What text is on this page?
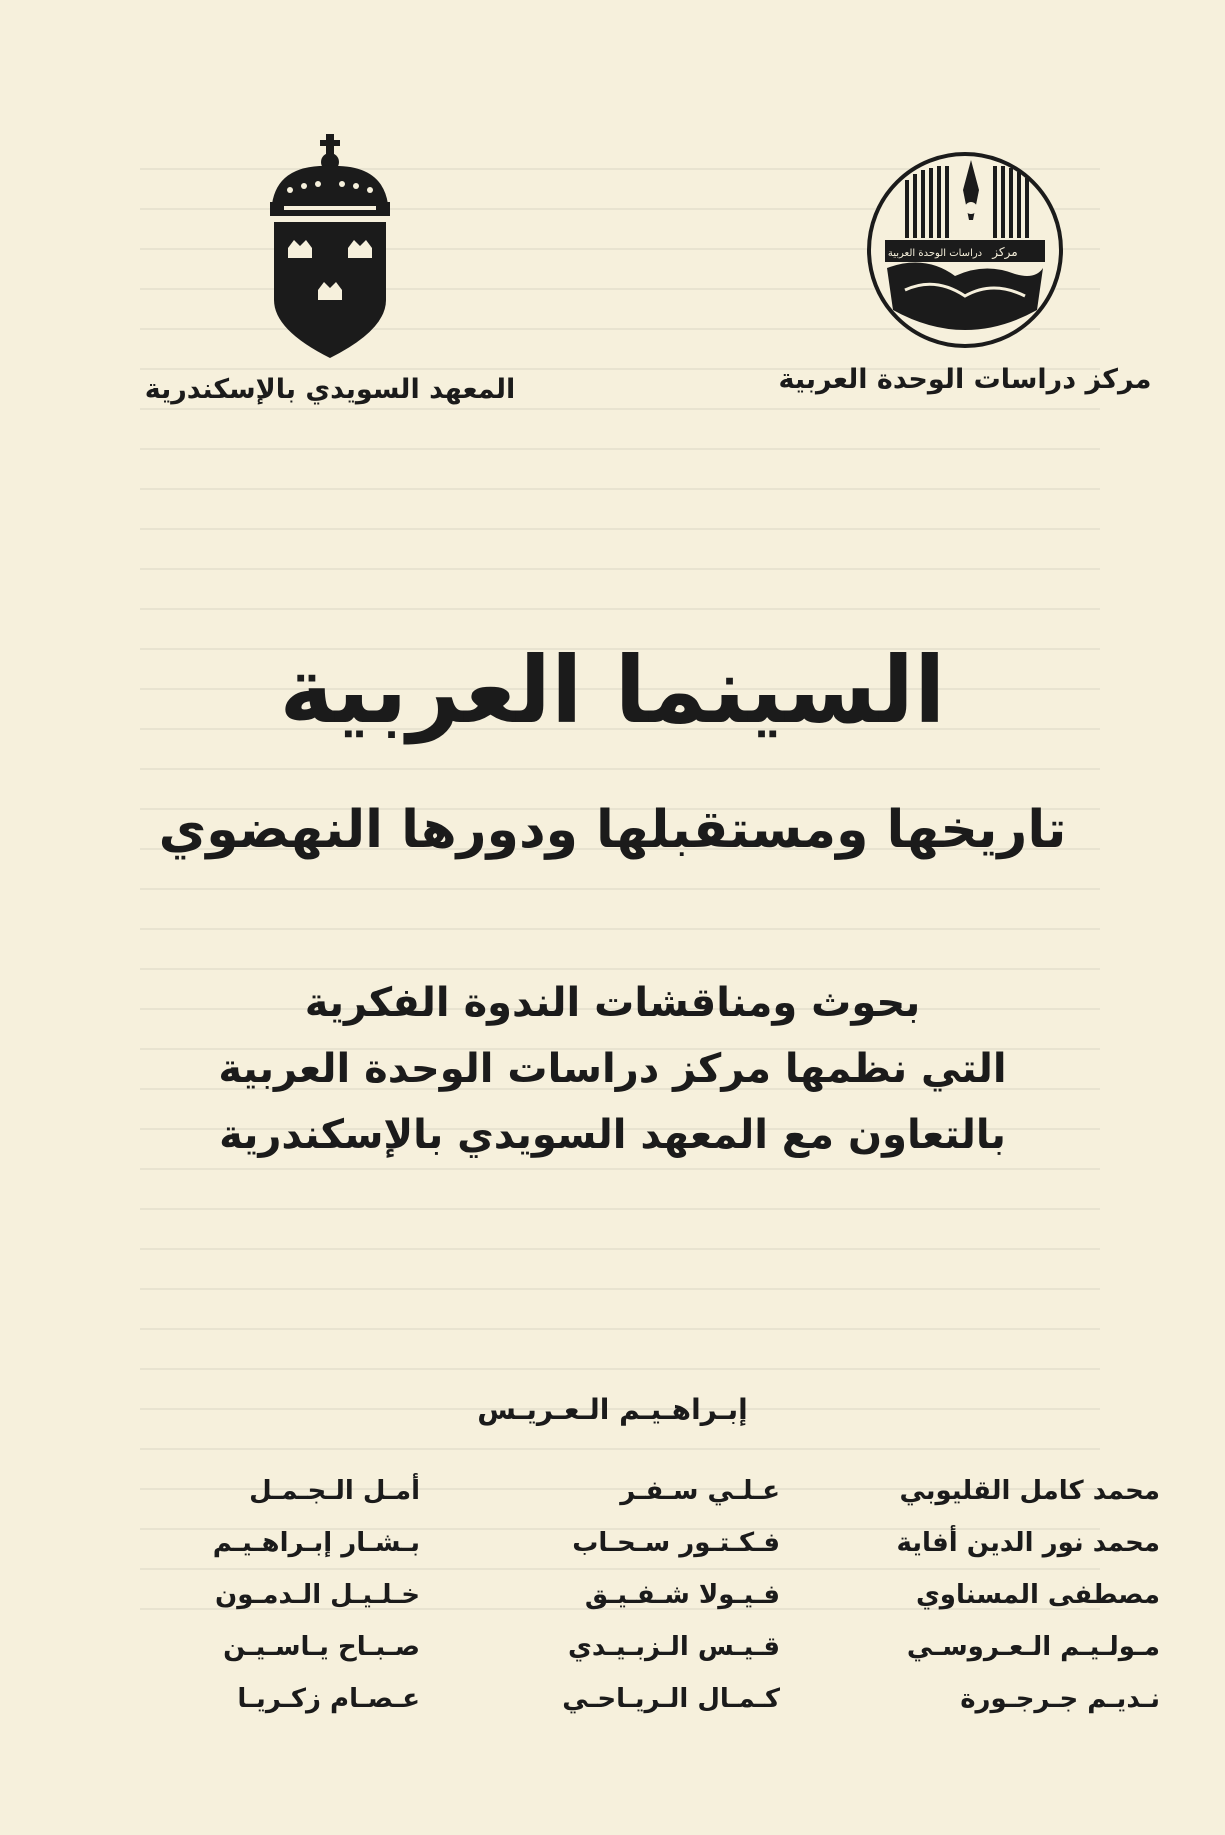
مركز
دراسات الوحدة العربية
مركز دراسات الوحدة العربية
المعهد السويدي بالإسكندرية
السينما العربية
تاريخها ومستقبلها ودورها النهضوي
بحوث ومناقشات الندوة الفكرية
التي نظمها مركز دراسات الوحدة العربية
بالتعاون مع المعهد السويدي بالإسكندرية
إبـراهـيـم الـعـريـس
أمـل الـجـمـل
بـشـار إبـراهـيـم
خـلـيـل الـدمـون
صـبـاح يـاسـيـن
عـصـام زكـريـا
عـلـي سـفـر
فـكـتـور سـحـاب
فـيـولا شـفـيـق
قـيـس الـزبـيـدي
كـمـال الـريـاحـي
محمد كامل القليوبي
محمد نور الدين أفاية
مصطفى المسناوي
مـولـيـم الـعـروسـي
نـديـم جـرجـورة
